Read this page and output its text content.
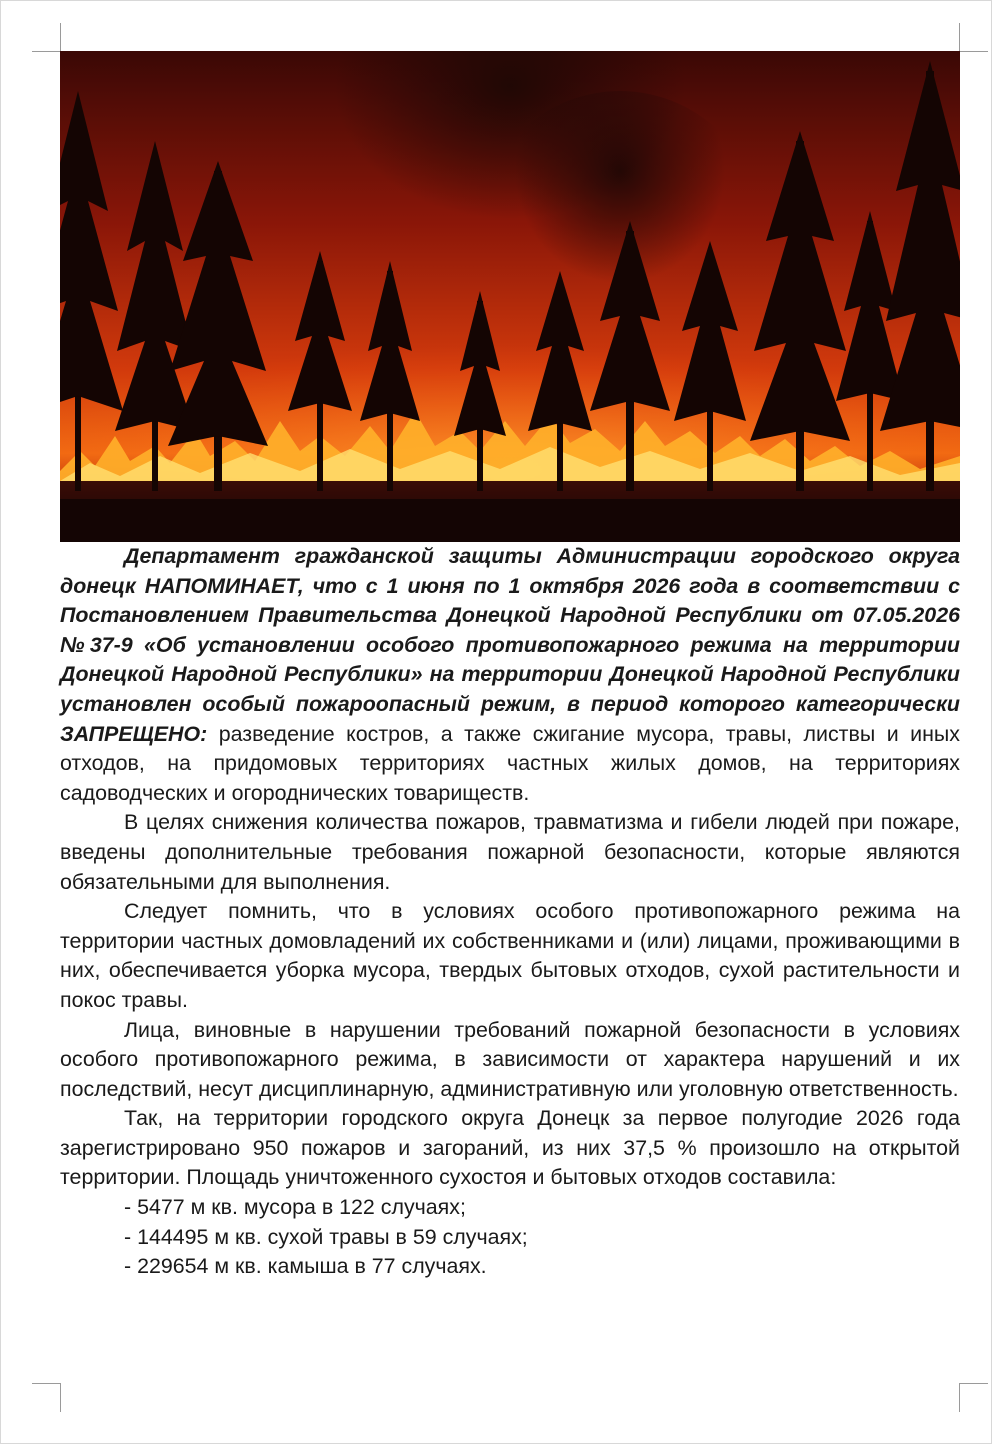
Департамент гражданской защиты Администрации городского округа донецк НАПОМИНАЕТ, что с 1 июня по 1 октября 2026 года в соответствии с Постановлением Правительства Донецкой Народной Республики от 07.05.2026 №37-9 «Об установлении особого противопожарного режима на территории Донецкой Народной Республики» на территории Донецкой Народной Республики установлен особый пожароопасный режим, в период которого категорически ЗАПРЕЩЕНО: разведение костров, а также сжигание мусора, травы, листвы и иных отходов, на придомовых территориях частных жилых домов, на территориях садоводческих и огороднических товариществ.

В целях снижения количества пожаров, травматизма и гибели людей при пожаре, введены дополнительные требования пожарной безопасности, которые являются обязательными для выполнения.

Следует помнить, что в условиях особого противопожарного режима на территории частных домовладений их собственниками и (или) лицами, проживающими в них, обеспечивается уборка мусора, твердых бытовых отходов, сухой растительности и покос травы.

Лица, виновные в нарушении требований пожарной безопасности в условиях особого противопожарного режима, в зависимости от характера нарушений и их последствий, несут дисциплинарную, административную или уголовную ответственность.

Так, на территории городского округа Донецк за первое полугодие 2026 года зарегистрировано 950 пожаров и загораний, из них 37,5 % произошло на открытой территории. Площадь уничтоженного сухостоя и бытовых отходов составила:

- 5477 м кв. мусора в 122 случаях;
- 144495 м кв. сухой травы в 59 случаях;
- 229654 м кв. камыша в 77 случаях.
